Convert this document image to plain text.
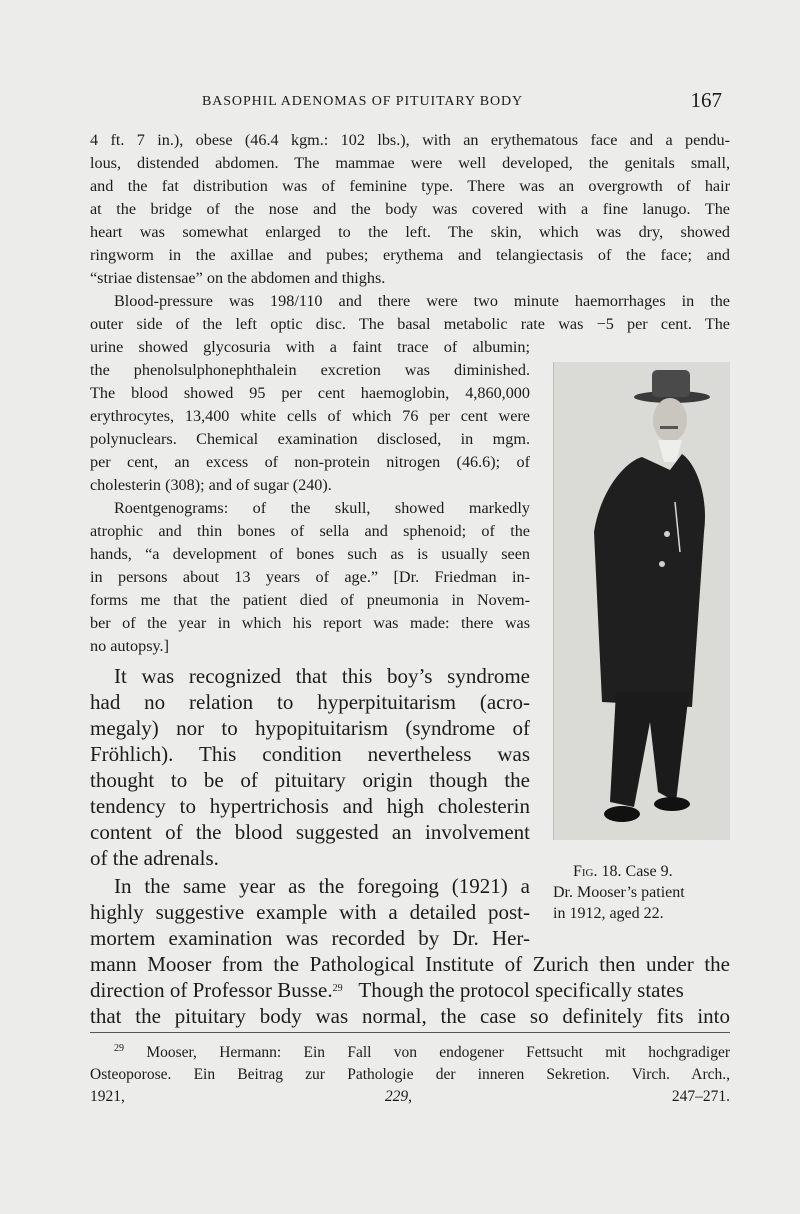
BASOPHIL ADENOMAS OF PITUITARY BODY	167
4 ft. 7 in.), obese (46.4 kgm.: 102 lbs.), with an erythematous face and a pendu-
lous, distended abdomen. The mammae were well developed, the genitals small,
and the fat distribution was of feminine type. There was an overgrowth of hair
at the bridge of the nose and the body was covered with a fine lanugo. The
heart was somewhat enlarged to the left. The skin, which was dry, showed
ringworm in the axillae and pubes; erythema and telangiectasis of the face; and
“striae distensae” on the abdomen and thighs.
Blood-pressure was 198/110 and there were two minute haemorrhages in the
outer side of the left optic disc. The basal metabolic rate was −5 per cent. The
urine showed glycosuria with a faint trace of albumin;
the phenolsulphonephthalein excretion was diminished.
The blood showed 95 per cent haemoglobin, 4,860,000
erythrocytes, 13,400 white cells of which 76 per cent were
polynuclears. Chemical examination disclosed, in mgm.
per cent, an excess of non-protein nitrogen (46.6); of
cholesterin (308); and of sugar (240).
Roentgenograms: of the skull, showed markedly
atrophic and thin bones of sella and sphenoid; of the
hands, “a development of bones such as is usually seen
in persons about 13 years of age.” [Dr. Friedman in-
forms me that the patient died of pneumonia in Novem-
ber of the year in which his report was made: there was
no autopsy.]
It was recognized that this boy’s syndrome
had no relation to hyperpituitarism (acro-
megaly) nor to hypopituitarism (syndrome of
Fröhlich). This condition nevertheless was
thought to be of pituitary origin though the
tendency to hypertrichosis and high cholesterin
content of the blood suggested an involvement
of the adrenals.
In the same year as the foregoing (1921) a
highly suggestive example with a detailed post-
mortem examination was recorded by Dr. Her-
mann Mooser from the Pathological Institute of Zurich then under the
direction of Professor Busse.$^{29}$ Though the protocol specifically states
that the pituitary body was normal, the case so definitely fits into
Fig. 18. Case 9.
Dr. Mooser’s patient
in 1912, aged 22.
$^{29}$ Mooser, Hermann: Ein Fall von endogener Fettsucht mit hochgradiger
Osteoporose. Ein Beitrag zur Pathologie der inneren Sekretion. Virch. Arch.,
1921, 229, 247–271.
